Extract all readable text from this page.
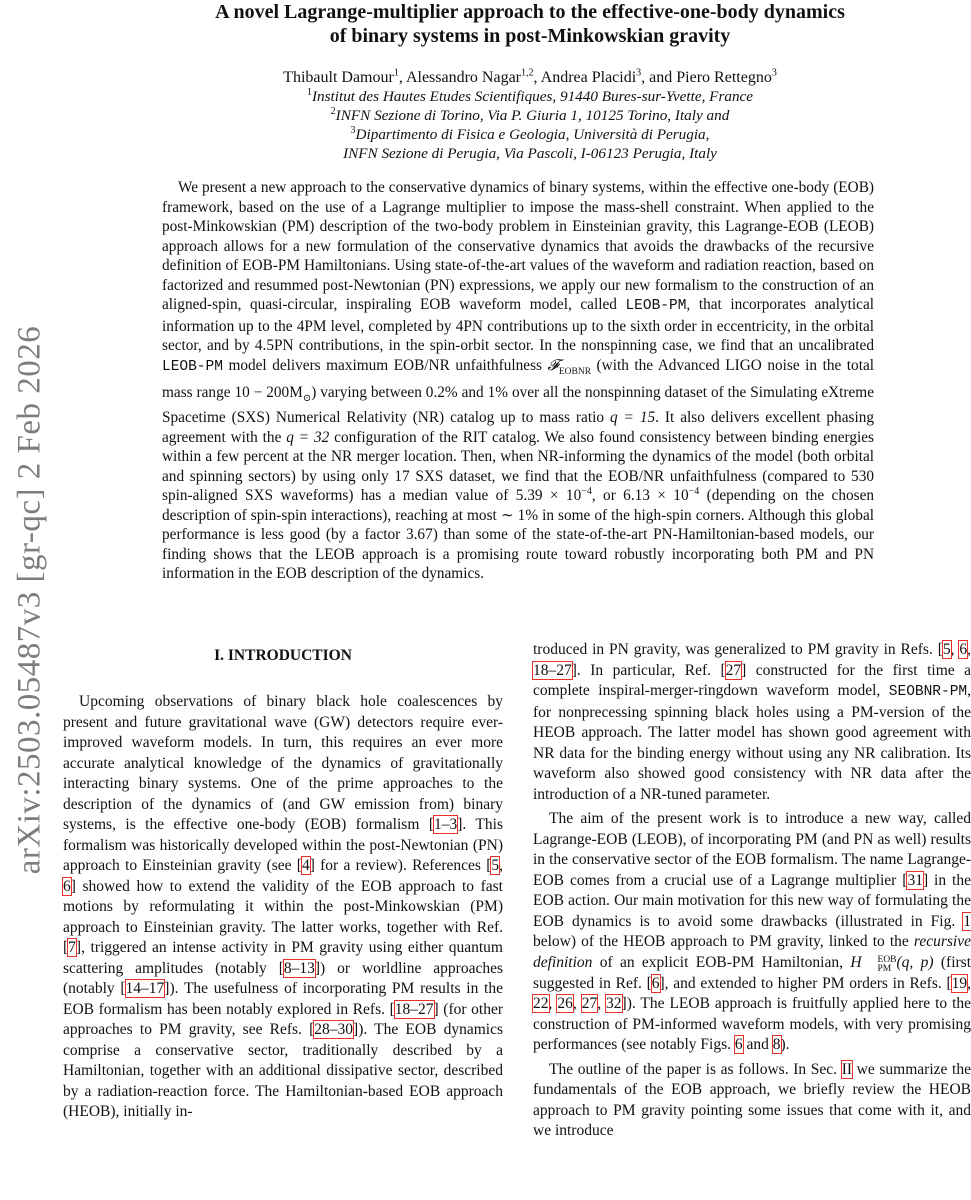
arXiv:2503.05487v3 [gr-qc] 2 Feb 2026
A novel Lagrange-multiplier approach to the effective-one-body dynamics
of binary systems in post-Minkowskian gravity
Thibault Damour$^1$, Alessandro Nagar$^{1,2}$, Andrea Placidi$^3$, and Piero Rettegno$^3$
$^1$Institut des Hautes Etudes Scientifiques, 91440 Bures-sur-Yvette, France
$^2$INFN Sezione di Torino, Via P. Giuria 1, 10125 Torino, Italy and
$^3$Dipartimento di Fisica e Geologia, Università di Perugia,
INFN Sezione di Perugia, Via Pascoli, I-06123 Perugia, Italy
We present a new approach to the conservative dynamics of binary systems, within the effective one-body (EOB) framework, based on the use of a Lagrange multiplier to impose the mass-shell constraint. When applied to the post-Minkowskian (PM) description of the two-body problem in Einsteinian gravity, this Lagrange-EOB (LEOB) approach allows for a new formulation of the conservative dynamics that avoids the drawbacks of the recursive definition of EOB-PM Hamiltonians. Using state-of-the-art values of the waveform and radiation reaction, based on factorized and resummed post-Newtonian (PN) expressions, we apply our new formalism to the construction of an aligned-spin, quasi-circular, inspiraling EOB waveform model, called LEOB-PM, that incorporates analytical information up to the 4PM level, completed by 4PN contributions up to the sixth order in eccentricity, in the orbital sector, and by 4.5PN contributions, in the spin-orbit sector. In the nonspinning case, we find that an uncalibrated LEOB-PM model delivers maximum EOB/NR unfaithfulness 𝓕$_{EOBNR}$ (with the Advanced LIGO noise in the total mass range $10 - 200M_⊙$) varying between 0.2% and 1% over all the nonspinning dataset of the Simulating eXtreme Spacetime (SXS) Numerical Relativity (NR) catalog up to mass ratio q = 15. It also delivers excellent phasing agreement with the q = 32 configuration of the RIT catalog. We also found consistency between binding energies within a few percent at the NR merger location. Then, when NR-informing the dynamics of the model (both orbital and spinning sectors) by using only 17 SXS dataset, we find that the EOB/NR unfaithfulness (compared to 530 spin-aligned SXS waveforms) has a median value of $5.39 \times 10^{-4}$, or $6.13 \times 10^{-4}$ (depending on the chosen description of spin-spin interactions), reaching at most ∼ 1% in some of the high-spin corners. Although this global performance is less good (by a factor 3.67) than some of the state-of-the-art PN-Hamiltonian-based models, our finding shows that the LEOB approach is a promising route toward robustly incorporating both PM and PN information in the EOB description of the dynamics.
I. INTRODUCTION

Upcoming observations of binary black hole coalescences by present and future gravitational wave (GW) detectors require ever-improved waveform models. In turn, this requires an ever more accurate analytical knowledge of the dynamics of gravitationally interacting binary systems. One of the prime approaches to the description of the dynamics of (and GW emission from) binary systems, is the effective one-body (EOB) formalism [1–3]. This formalism was historically developed within the post-Newtonian (PN) approach to Einsteinian gravity (see [4] for a review). References [5, 6] showed how to extend the validity of the EOB approach to fast motions by reformulating it within the post-Minkowskian (PM) approach to Einsteinian gravity. The latter works, together with Ref. [7], triggered an intense activity in PM gravity using either quantum scattering amplitudes (notably [8–13]) or worldline approaches (notably [14–17]). The usefulness of incorporating PM results in the EOB formalism has been notably explored in Refs. [18–27] (for other approaches to PM gravity, see Refs. [28–30]). The EOB dynamics comprise a conservative sector, traditionally described by a Hamiltonian, together with an additional dissipative sector, described by a radiation-reaction force. The Hamiltonian-based EOB approach (HEOB), initially in-

troduced in PN gravity, was generalized to PM gravity in Refs. [5, 6, 18–27]. In particular, Ref. [27] constructed for the first time a complete inspiral-merger-ringdown waveform model, SEOBNR-PM, for nonprecessing spinning black holes using a PM-version of the HEOB approach. The latter model has shown good agreement with NR data for the binding energy without using any NR calibration. Its waveform also showed good consistency with NR data after the introduction of a NR-tuned parameter.

The aim of the present work is to introduce a new way, called Lagrange-EOB (LEOB), of incorporating PM (and PN as well) results in the conservative sector of the EOB formalism. The name Lagrange-EOB comes from a crucial use of a Lagrange multiplier [31] in the EOB action. Our main motivation for this new way of formulating the EOB dynamics is to avoid some drawbacks (illustrated in Fig. 1 below) of the HEOB approach to PM gravity, linked to the recursive definition of an explicit EOB-PM Hamiltonian, H	EOB
PM (q, p) (first suggested in Ref. [6], and extended to higher PM orders in Refs. [19, 22, 26, 27, 32]). The LEOB approach is fruitfully applied here to the construction of PM-informed waveform models, with very promising performances (see notably Figs. 6 and 8).

The outline of the paper is as follows. In Sec. II we summarize the fundamentals of the EOB approach, we briefly review the HEOB approach to PM gravity pointing some issues that come with it, and we introduce
